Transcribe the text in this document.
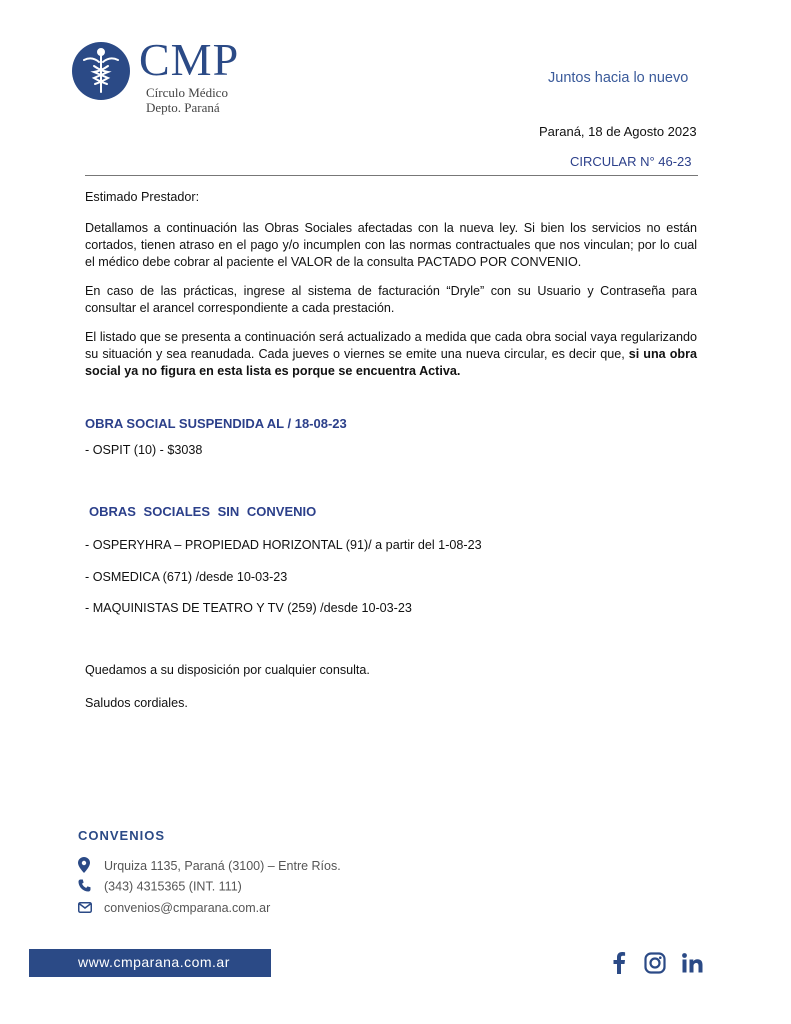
CMP
Círculo Médico
Depto. Paraná
Juntos hacia lo nuevo
Paraná, 18 de Agosto 2023
CIRCULAR N° 46-23
Estimado Prestador:
Detallamos a continuación las Obras Sociales afectadas con la nueva ley. Si bien los servicios no están cortados, tienen atraso en el pago y/o incumplen con las normas contractuales que nos vinculan; por lo cual el médico debe cobrar al paciente el VALOR de la consulta PACTADO POR CONVENIO.
En caso de las prácticas, ingrese al sistema de facturación “Dryle” con su Usuario y Contraseña para consultar el arancel correspondiente a cada prestación.
El listado que se presenta a continuación será actualizado a medida que cada obra social vaya regularizando su situación y sea reanudada. Cada jueves o viernes se emite una nueva circular, es decir que, si una obra social ya no figura en esta lista es porque se encuentra Activa.
OBRA SOCIAL SUSPENDIDA AL / 18-08-23
- OSPIT (10) - $3038
OBRAS SOCIALES SIN CONVENIO
- OSPERYHRA – PROPIEDAD HORIZONTAL (91)/ a partir del 1-08-23
- OSMEDICA (671) /desde 10-03-23
- MAQUINISTAS DE TEATRO Y TV (259) /desde 10-03-23
Quedamos a su disposición por cualquier consulta.
Saludos cordiales.
CONVENIOS
Urquiza 1135, Paraná (3100) – Entre Ríos.
(343) 4315365 (INT. 111)
convenios@cmparana.com.ar
www.cmparana.com.ar
